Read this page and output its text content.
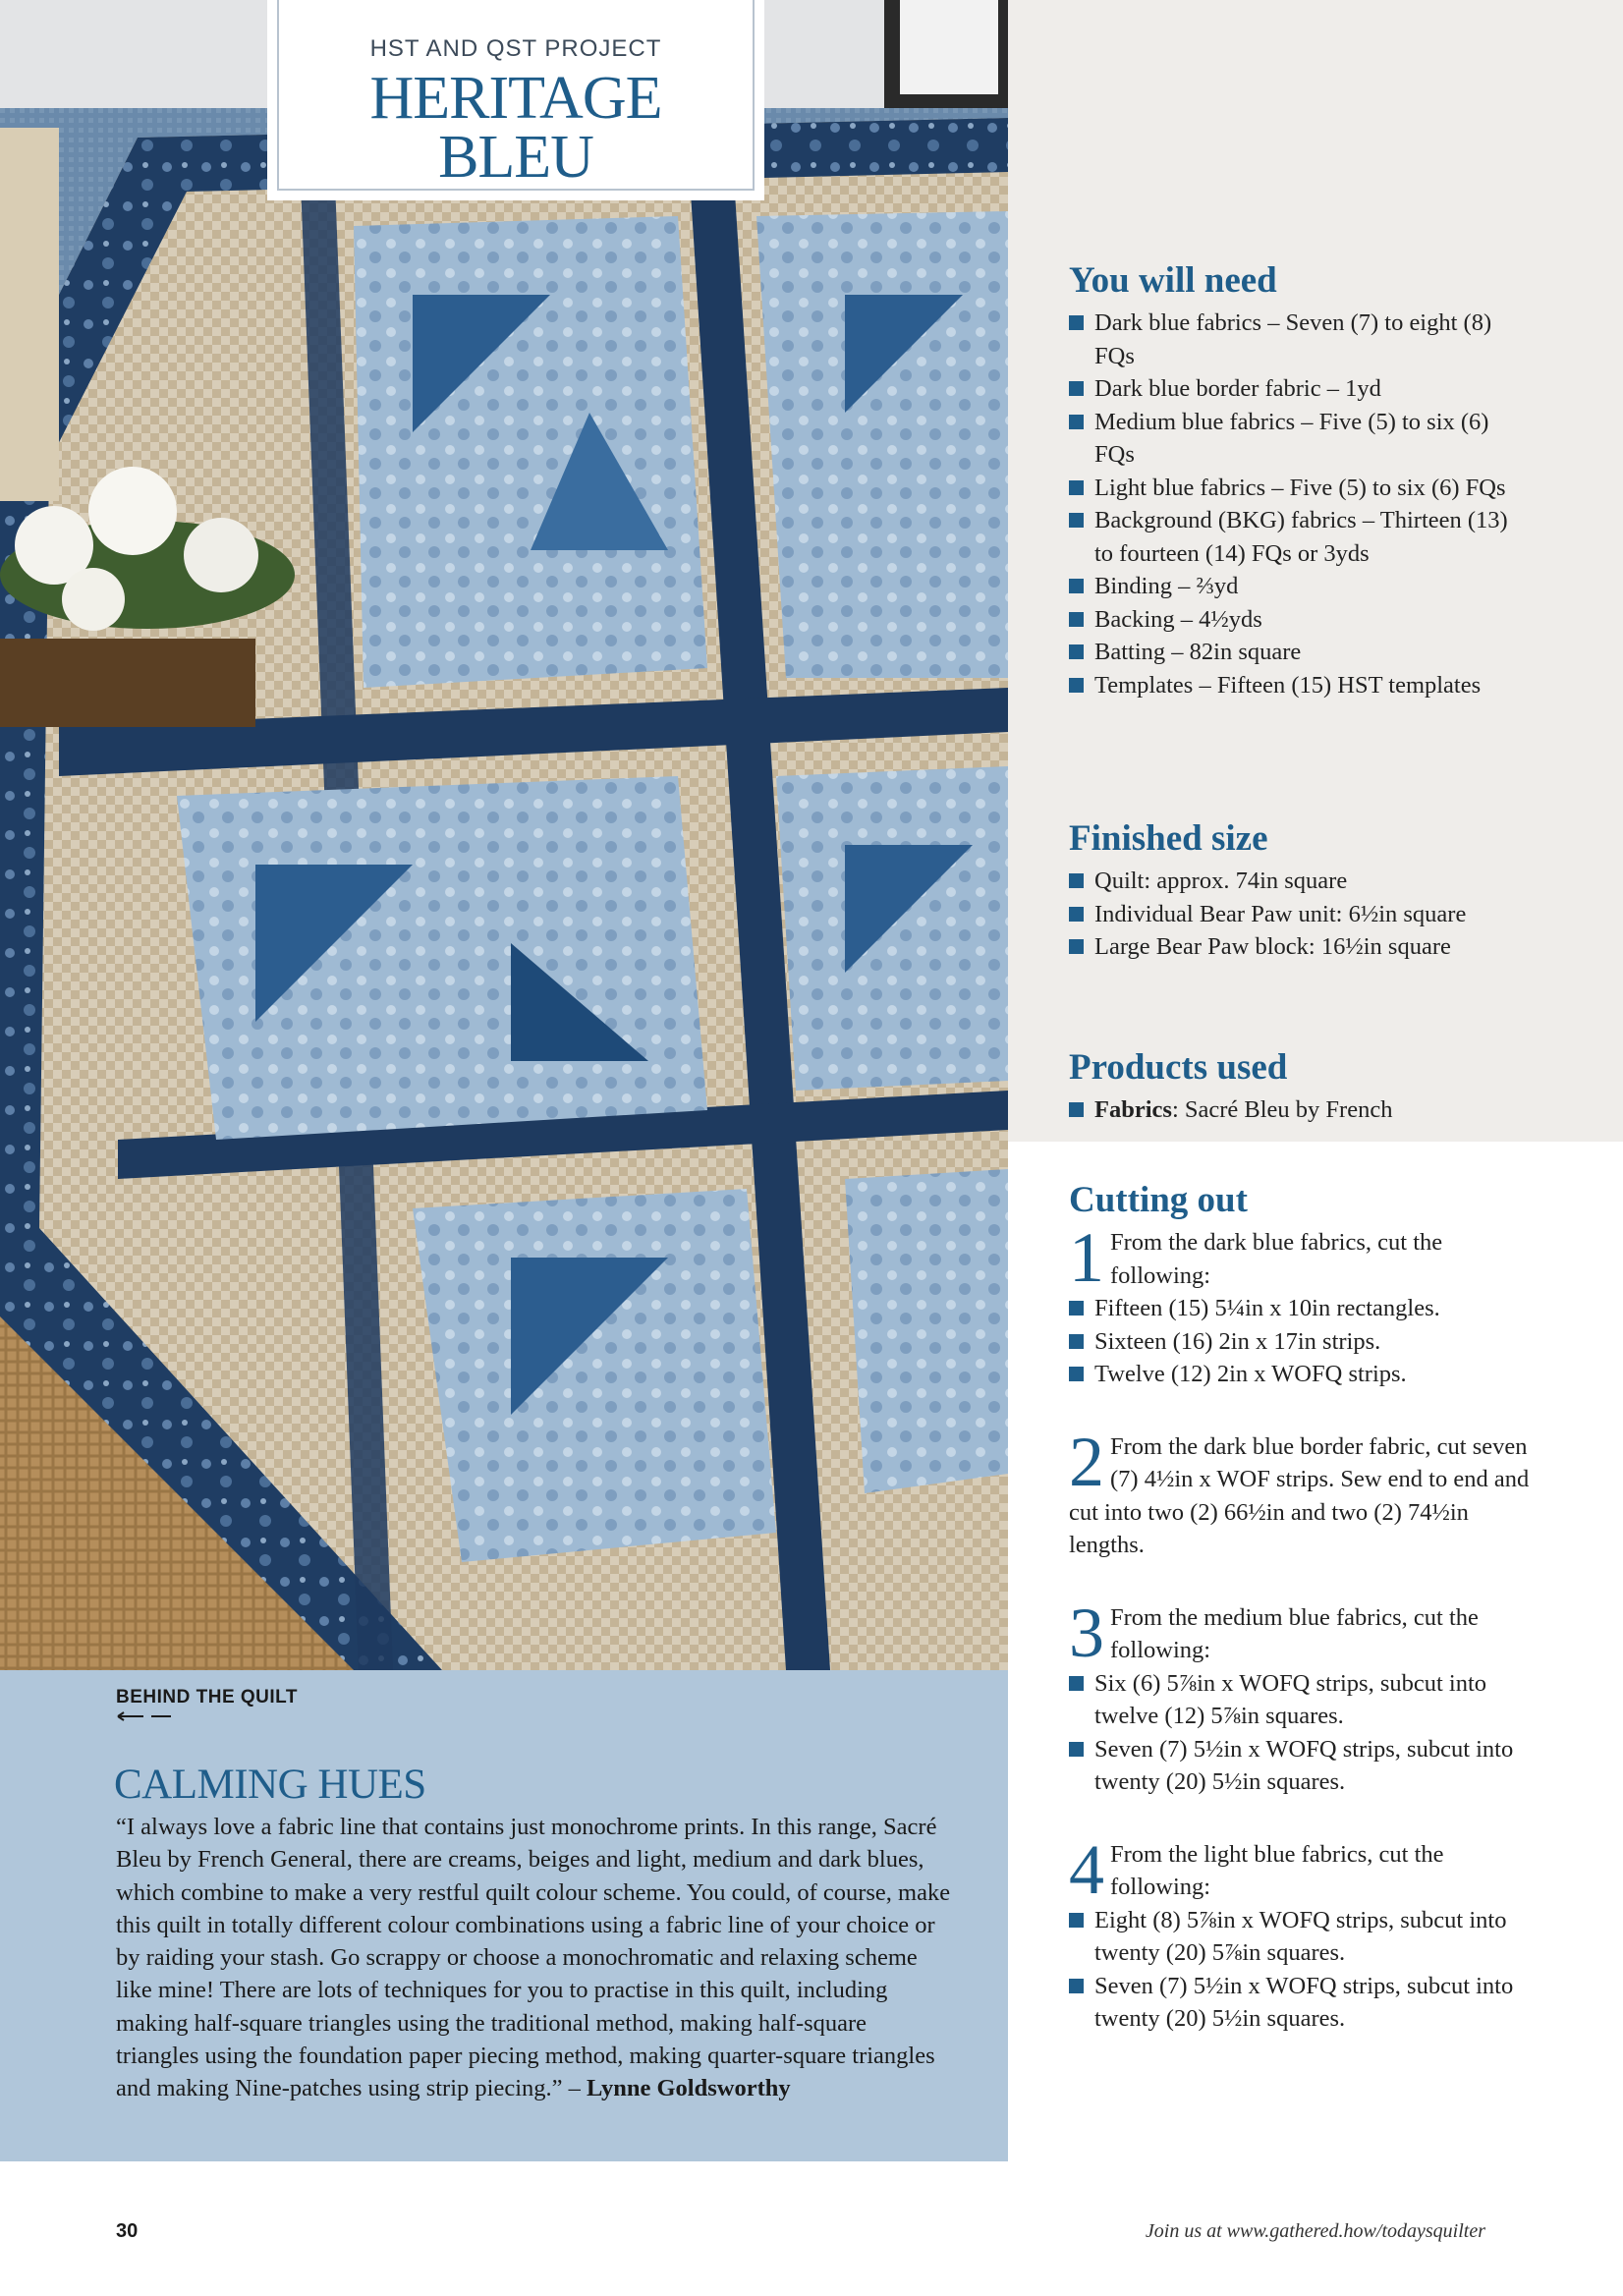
HST AND QST PROJECT
HERITAGE
BLEU
You will need
Dark blue fabrics – Seven (7) to eight (8) FQs
Dark blue border fabric – 1yd
Medium blue fabrics – Five (5) to six (6) FQs
Light blue fabrics – Five (5) to six (6) FQs
Background (BKG) fabrics – Thirteen (13) to fourteen (14) FQs or 3yds
Binding – ⅔yd
Backing – 4½yds
Batting – 82in square
Templates – Fifteen (15) HST templates
Finished size
Quilt: approx. 74in square
Individual Bear Paw unit: 6½in square
Large Bear Paw block: 16½in square
Products used
Fabrics: Sacré Bleu by French
Cutting out
1 From the dark blue fabrics, cut the following:

Fifteen (15) 5¼in x 10in rectangles.
Sixteen (16) 2in x 17in strips.
Twelve (12) 2in x WOFQ strips.
2 From the dark blue border fabric, cut seven (7) 4½in x WOF strips. Sew end to end and cut into two (2) 66½in and two (2) 74½in lengths.

3 From the medium blue fabrics, cut the following:

Six (6) 5⅞in x WOFQ strips, subcut into twelve (12) 5⅞in squares.
Seven (7) 5½in x WOFQ strips, subcut into twenty (20) 5½in squares.
4 From the light blue fabrics, cut the following:

Eight (8) 5⅞in x WOFQ strips, subcut into twenty (20) 5⅞in squares.
Seven (7) 5½in x WOFQ strips, subcut into twenty (20) 5½in squares.
BEHIND THE QUILT
CALMING HUES

“I always love a fabric line that contains just monochrome prints. In this range, Sacré Bleu by French General, there are creams, beiges and light, medium and dark blues, which combine to make a very restful quilt colour scheme. You could, of course, make this quilt in totally different colour combinations using a fabric line of your choice or by raiding your stash. Go scrappy or choose a monochromatic and relaxing scheme like mine! There are lots of techniques for you to practise in this quilt, including making half-square triangles using the traditional method, making half-square triangles using the foundation paper piecing method, making quarter-square triangles and making Nine-patches using strip piecing.” – Lynne Goldsworthy

30	Join us at www.gathered.how/todaysquilter
